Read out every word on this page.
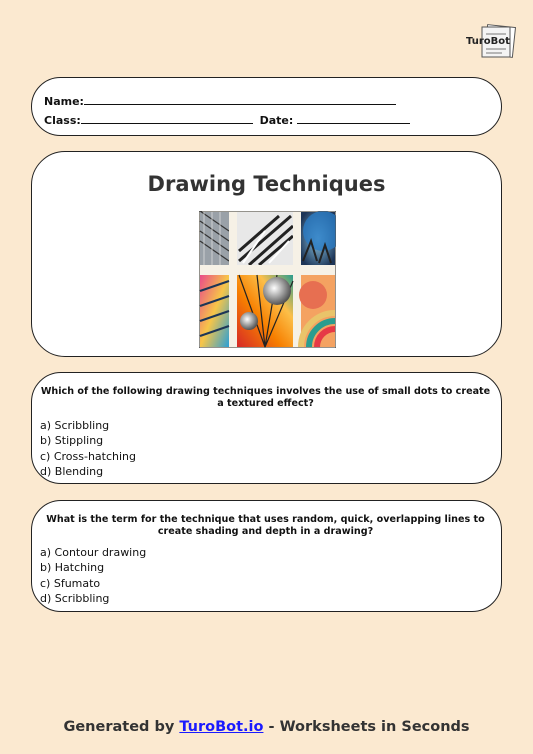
TuroBot
Name:
Class:	Date:
Drawing Techniques
Which of the following drawing techniques involves the use of small dots to create a textured effect?
a) Scribbling
b) Stippling
c) Cross-hatching
d) Blending
What is the term for the technique that uses random, quick, overlapping lines to create shading and depth in a drawing?
a) Contour drawing
b) Hatching
c) Sfumato
d) Scribbling
Generated by TuroBot.io - Worksheets in Seconds
